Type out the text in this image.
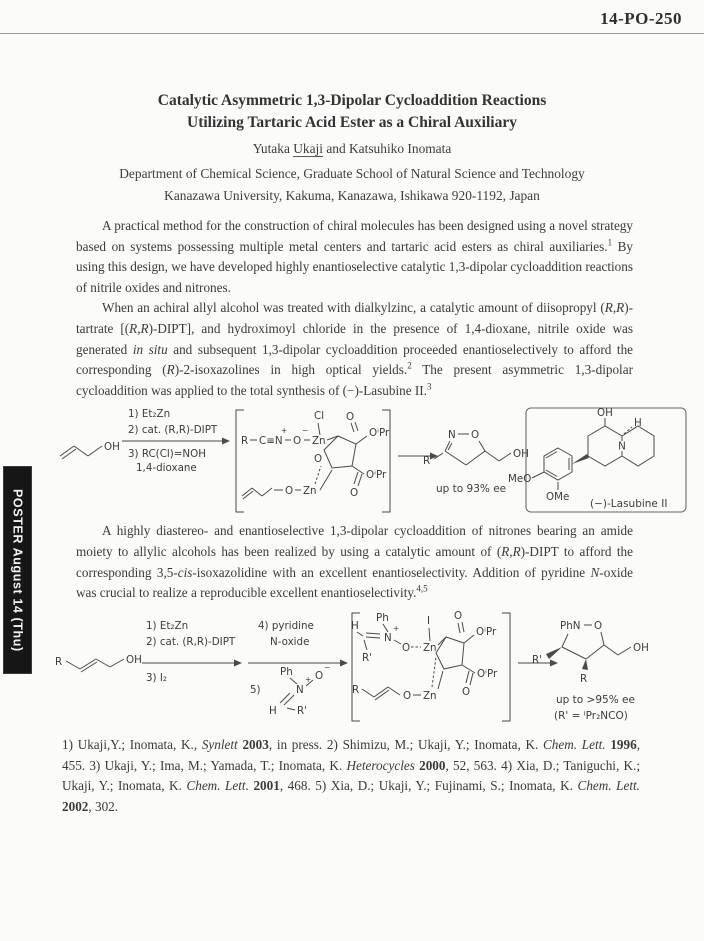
14-PO-250
Catalytic Asymmetric 1,3-Dipolar Cycloaddition Reactions
Utilizing Tartaric Acid Ester as a Chiral Auxiliary
Yutaka Ukaji and Katsuhiko Inomata
Department of Chemical Science, Graduate School of Natural Science and Technology
Kanazawa University, Kakuma, Kanazawa, Ishikawa 920-1192, Japan

A practical method for the construction of chiral molecules has been designed using a novel strategy based on systems possessing multiple metal centers and tartaric acid esters as chiral auxiliaries.$^1$ By using this design, we have developed highly enantioselective catalytic 1,3-dipolar cycloaddition reactions of nitrile oxides and nitrones.

When an achiral allyl alcohol was treated with dialkylzinc, a catalytic amount of diisopropyl (R,R)-tartrate [(R,R)-DIPT], and hydroximoyl chloride in the presence of 1,4-dioxane, nitrile oxide was generated in situ and subsequent 1,3-dipolar cycloaddition proceeded enantioselectively to afford the corresponding (R)-2-isoxazolines in high optical yields.$^2$ The present asymmetric 1,3-dipolar cycloaddition was applied to the total synthesis of (−)-Lasubine II.$^3$

OH
1) Et₂Zn
2) cat. (R,R)-DIPT
3) RC(Cl)=NOH
1,4-dioxane
R C≡N
+
O
−
Zn
Cl O
OⁱPr
O
O Zn
OⁱPr
O
N O
R
OH
up to 93% ee
MeO
OMe
N
OH
H
(−)-Lasubine II

A highly diastereo- and enantioselective 1,3-dipolar cycloaddition of nitrones bearing an amide moiety to allylic alcohols has been realized by using a catalytic amount of (R,R)-DIPT to afford the corresponding 3,5-cis-isoxazolidine with an excellent enantioselectivity. Addition of pyridine N-oxide was crucial to realize a reproducible excellent enantioselectivity.$^{4,5}$

R	OH
1) Et₂Zn
2) cat. (R,R)-DIPT
3) I₂
4) pyridine
N-oxide
5)
Ph
N
+ O
−
H R'
Ph
N
+
H
R'
O Zn
I O
OⁱPr
R	O Zn
OⁱPr
O
PhN O
R'
R
OH
up to >95% ee
(R' = ⁱPr₂NCO)
1) Ukaji,Y.; Inomata, K., Synlett 2003, in press. 2) Shimizu, M.; Ukaji, Y.; Inomata, K. Chem. Lett. 1996, 455. 3) Ukaji, Y.; Ima, M.; Yamada, T.; Inomata, K. Heterocycles 2000, 52, 563. 4) Xia, D.; Taniguchi, K.; Ukaji, Y.; Inomata, K. Chem. Lett. 2001, 468. 5) Xia, D.; Ukaji, Y.; Fujinami, S.; Inomata, K. Chem. Lett. 2002, 302.
POSTER August 14 (Thu)
